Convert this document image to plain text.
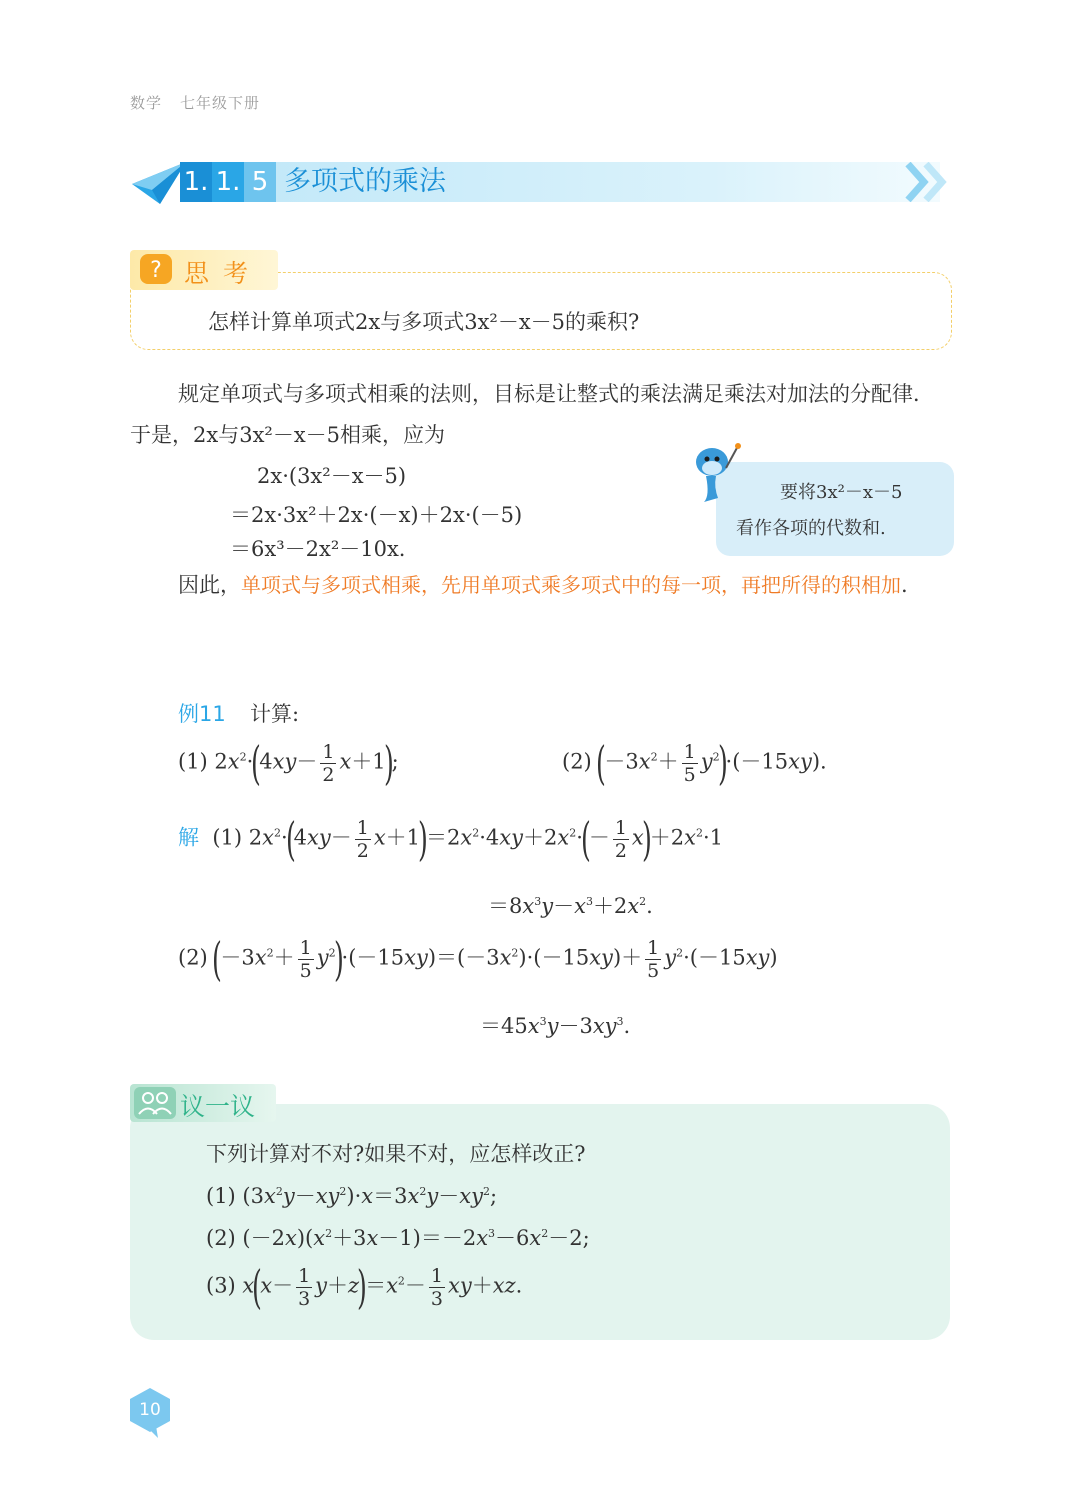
数学 七年级下册
1. 1. 5 多项式的乘法
? 思考
怎样计算单项式2x与多项式3x²－x－5的乘积?
规定单项式与多项式相乘的法则，目标是让整式的乘法满足乘法对加法的分配律．于是，2x与3x²－x－5相乘，应为
2x·(3x²－x－5)
＝2x·3x²＋2x·(－x)＋2x·(－5)
＝6x³－2x²－10x.
要将3x²－x－5
看作各项的代数和.
因此，单项式与多项式相乘，先用单项式乘多项式中的每一项，再把所得的积相加.
例11 计算:
(1) $2x^2\cdot(4xy- \frac{1}{2} x+1)$;	(2) $(-3x^2+ \frac{1}{5} y^2)\cdot(-15xy)$.
解  (1) $2x^2\cdot(4xy- \frac{1}{2} x+1)=2x^2\cdot 4xy+2x^2\cdot(- \frac{1}{2} x)+2x^2\cdot 1$
$=8x^3y-x^3+2x^2$.
(2) $(-3x^2+ \frac{1}{5} y^2)\cdot(-15xy)=(-3x^2)\cdot(-15xy)+ \frac{1}{5} y^2\cdot(-15xy)$
$=45x^3y-3xy^3$.
议一议
下列计算对不对?如果不对，应怎样改正?
(1) $(3x^2y-xy^2)\cdot x=3x^2y-xy^2$;
(2) $(-2x)(x^2+3x-1)=-2x^3-6x^2-2$;
(3) $x(x- \frac{1}{3} y+z)=x^2- \frac{1}{3} xy+xz$.
10
